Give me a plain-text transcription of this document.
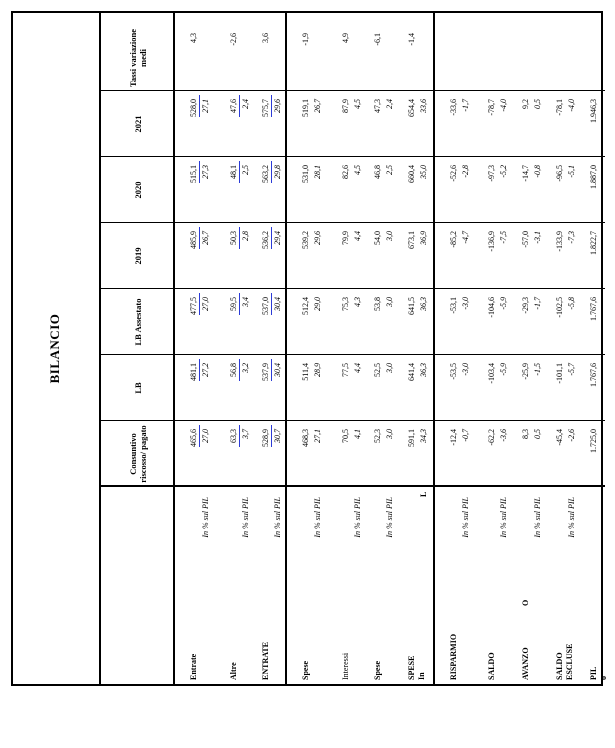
BILANCIO
Consuntivo riscosso/ pagato
LB
LB Assestato
2019
2020
2021
Tassi variazione medi
Entrate
In % sul PIL
465,6
481,1
477,5
485,9
515,1
528,0
4,3
27,0
27,2
27,0
26,7
27,3
27,1
Altre
In % sul PIL
63,3
56,8
59,5
50,3
48,1
47,6
-2,6
3,7
3,2
3,4
2,8
2,5
2,4
ENTRATE
In % sul PIL
528,9
537,9
537,0
536,2
563,2
575,7
3,6
30,7
30,4
30,4
29,4
29,8
29,6
Spese
In % sul PIL
468,3
511,4
512,4
539,2
531,0
519,1
-1,9
27,1
28,9
29,0
29,6
28,1
26,7
Interessi
In % sul PIL
70,5
77,5
75,3
79,9
82,6
87,9
4,9
4,1
4,4
4,3
4,4
4,5
4,5
Spese
In % sul PIL
52,3
52,5
53,8
54,0
46,8
47,3
-6,1
3,0
3,0
3,0
3,0
2,5
2,4
SPESE In
L
591,1
641,4
641,5
673,1
660,4
654,4
-1,4
34,3
36,3
36,3
36,9
35,0
33,6
RISPARMIO
In % sul PIL
-12,4
-53,5
-53,1
-85,2
-52,6
-33,6
-0,7
-3,0
-3,0
-4,7
-2,8
-1,7
SALDO
In % sul PIL
-62,2
-103,4
-104,6
-136,9
-97,3
-78,7
-3,6
-5,9
-5,9
-7,5
-5,2
-4,0
AVANZO
O
In % sul PIL
8,3
-25,9
-29,3
-57,0
-14,7
9,2
0,5
-1,5
-1,7
-3,1
-0,8
0,5
SALDO ESCLUSE
In % sul PIL
-45,4
-101,1
-102,5
-133,9
-96,5
-78,1
-2,6
-5,7
-5,8
-7,3
-5,1
-4,0
PIL o
1.725,0
1.767,6
1.767,6
1.822,7
1.887,0
1.946,3
